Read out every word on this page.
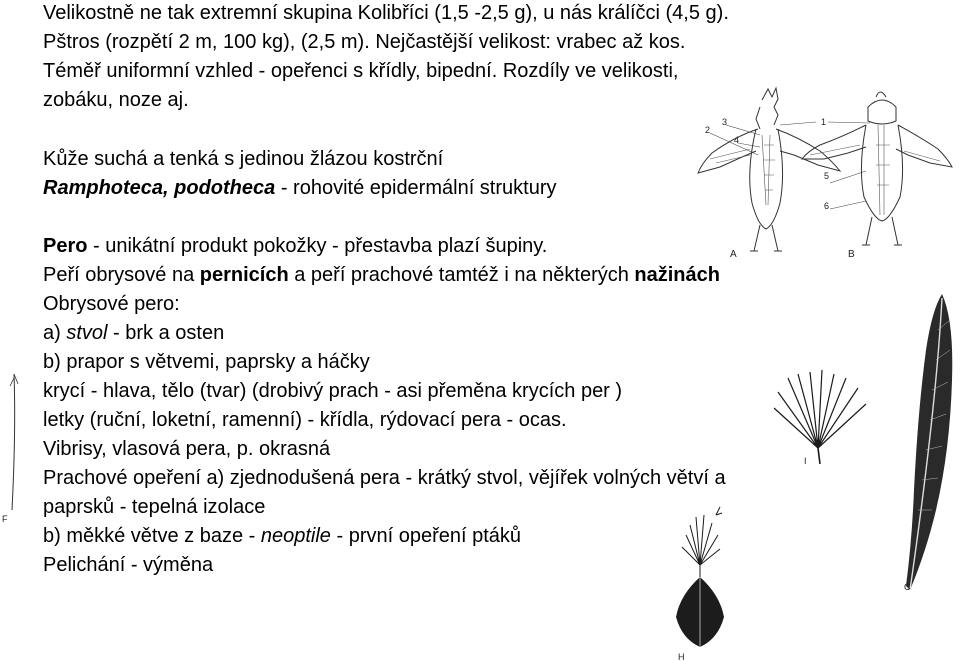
Velikostně ne tak extremní skupina Kolibříci (1,5 -2,5 g), u nás králíčci (4,5 g).
Pštros (rozpětí 2 m, 100 kg), (2,5 m). Nejčastější velikost: vrabec až kos.
Téměř uniformní vzhled - opeřenci s křídly, bipední. Rozdíly ve velikosti,
zobáku, noze aj.
Kůže suchá a tenká s jedinou žlázou kostrční
Ramphoteca, podotheca - rohovité epidermální struktury
Pero - unikátní produkt pokožky - přestavba plazí šupiny.
Peří obrysové na pernicích a peří prachové tamtéž i na některých nažinách
Obrysové pero:
a) stvol - brk a osten
b) prapor s větvemi, paprsky a háčky
krycí - hlava, tělo (tvar) (drobivý prach - asi přeměna krycích per )
letky (ruční, loketní, ramenní) - křídla, rýdovací pera - ocas.
Vibrisy, vlasová pera, p. okrasná
Prachové opeření a) zjednodušená pera - krátký stvol, vějířek volných větví a
paprsků - tepelná izolace
b) měkké větve z baze - neoptile - první opeření ptáků
Pelichání - výměna
2
3
4
1
5
6
A	B
C
F
I
H
